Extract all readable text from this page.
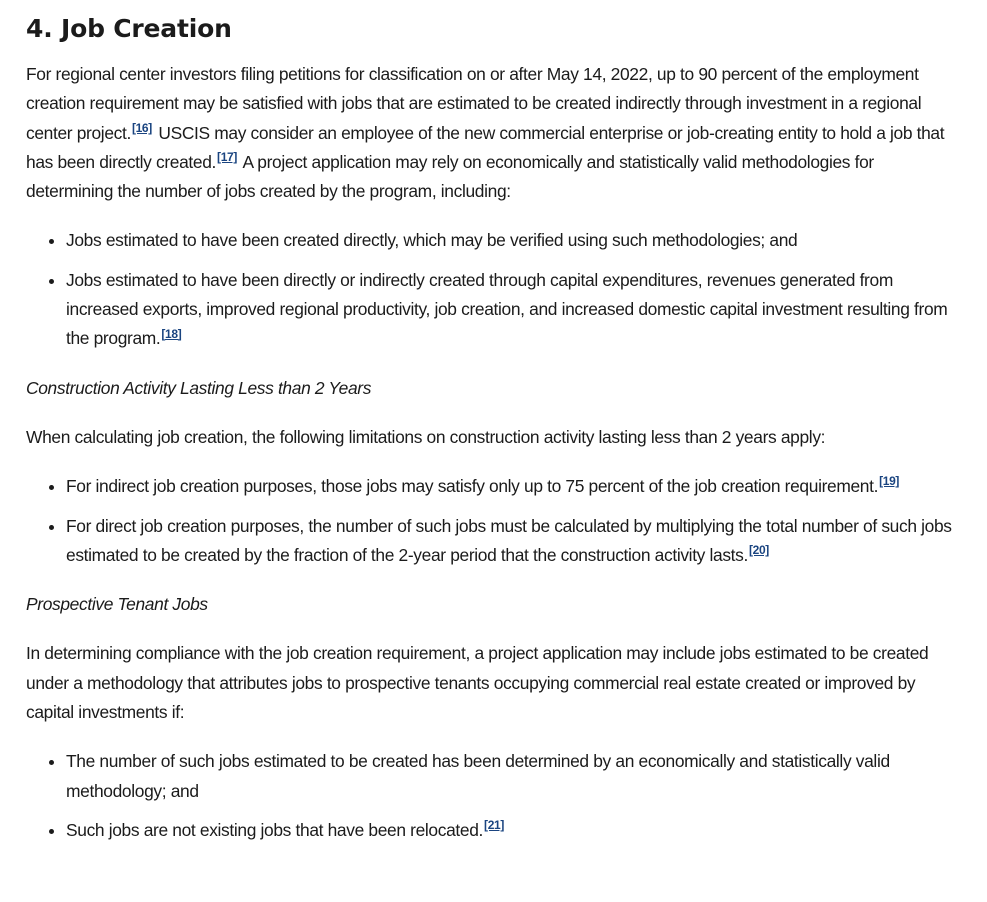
4. Job Creation

For regional center investors filing petitions for classification on or after May 14, 2022, up to 90 percent of the employment creation requirement may be satisfied with jobs that are estimated to be created indirectly through investment in a regional center project.[16] USCIS may consider an employee of the new commercial enterprise or job-creating entity to hold a job that has been directly created.[17] A project application may rely on economically and statistically valid methodologies for determining the number of jobs created by the program, including:

• Jobs estimated to have been created directly, which may be verified using such methodologies; and
• Jobs estimated to have been directly or indirectly created through capital expenditures, revenues generated from increased exports, improved regional productivity, job creation, and increased domestic capital investment resulting from the program.[18]

Construction Activity Lasting Less than 2 Years

When calculating job creation, the following limitations on construction activity lasting less than 2 years apply:

• For indirect job creation purposes, those jobs may satisfy only up to 75 percent of the job creation requirement.[19]
• For direct job creation purposes, the number of such jobs must be calculated by multiplying the total number of such jobs estimated to be created by the fraction of the 2-year period that the construction activity lasts.[20]

Prospective Tenant Jobs

In determining compliance with the job creation requirement, a project application may include jobs estimated to be created under a methodology that attributes jobs to prospective tenants occupying commercial real estate created or improved by capital investments if:

• The number of such jobs estimated to be created has been determined by an economically and statistically valid methodology; and
• Such jobs are not existing jobs that have been relocated.[21]
